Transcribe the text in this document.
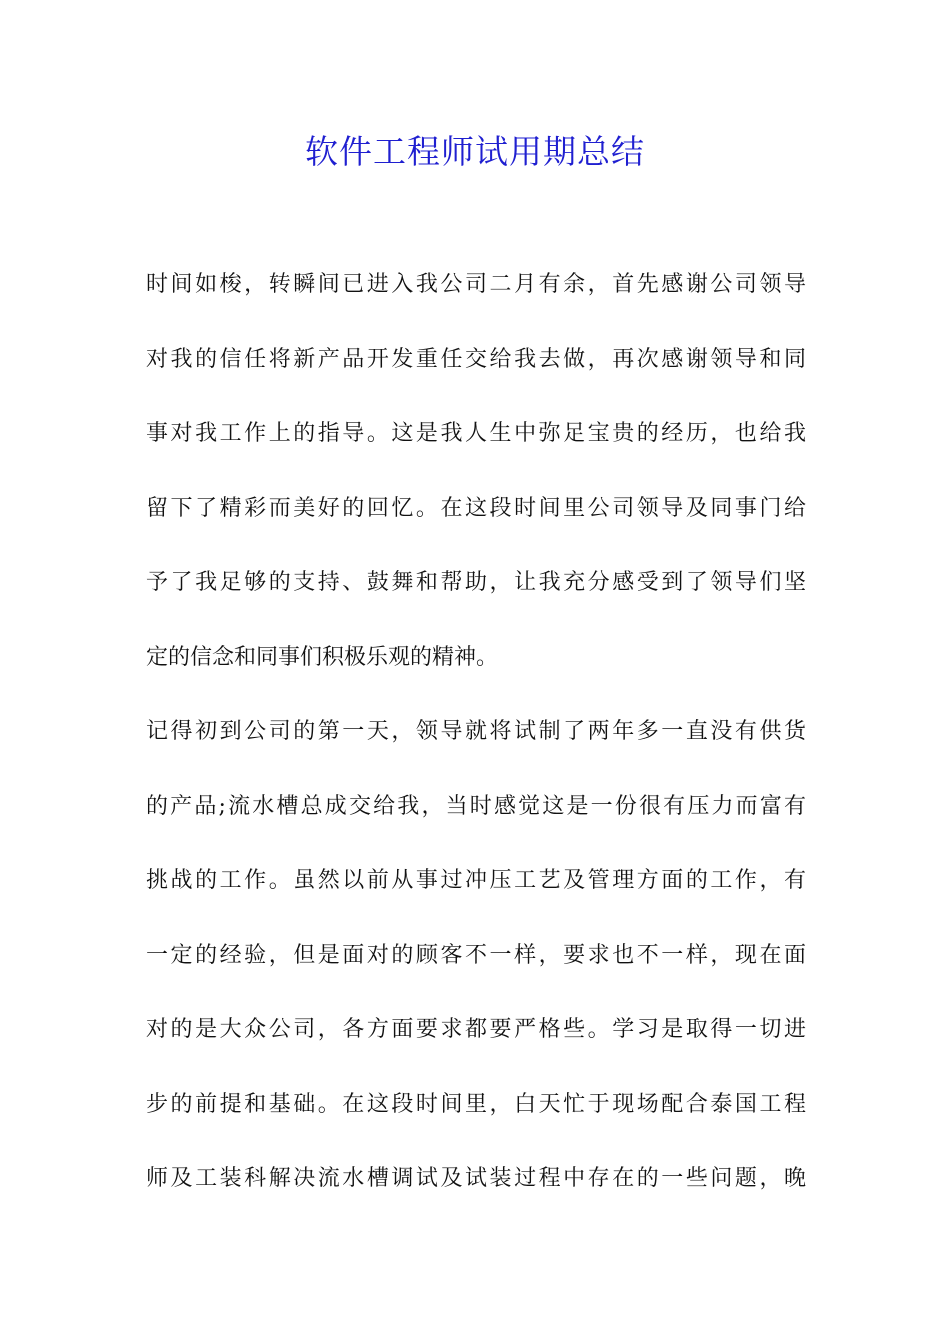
软件工程师试用期总结
时间如梭，转瞬间已进入我公司二月有余，首先感谢公司领导
对我的信任将新产品开发重任交给我去做，再次感谢领导和同
事对我工作上的指导。这是我人生中弥足宝贵的经历，也给我
留下了精彩而美好的回忆。在这段时间里公司领导及同事门给
予了我足够的支持、鼓舞和帮助，让我充分感受到了领导们坚
定的信念和同事们积极乐观的精神。
记得初到公司的第一天，领导就将试制了两年多一直没有供货
的产品;流水槽总成交给我，当时感觉这是一份很有压力而富有
挑战的工作。虽然以前从事过冲压工艺及管理方面的工作，有
一定的经验，但是面对的顾客不一样，要求也不一样，现在面
对的是大众公司，各方面要求都要严格些。学习是取得一切进
步的前提和基础。在这段时间里，白天忙于现场配合泰国工程
师及工装科解决流水槽调试及试装过程中存在的一些问题，晚
